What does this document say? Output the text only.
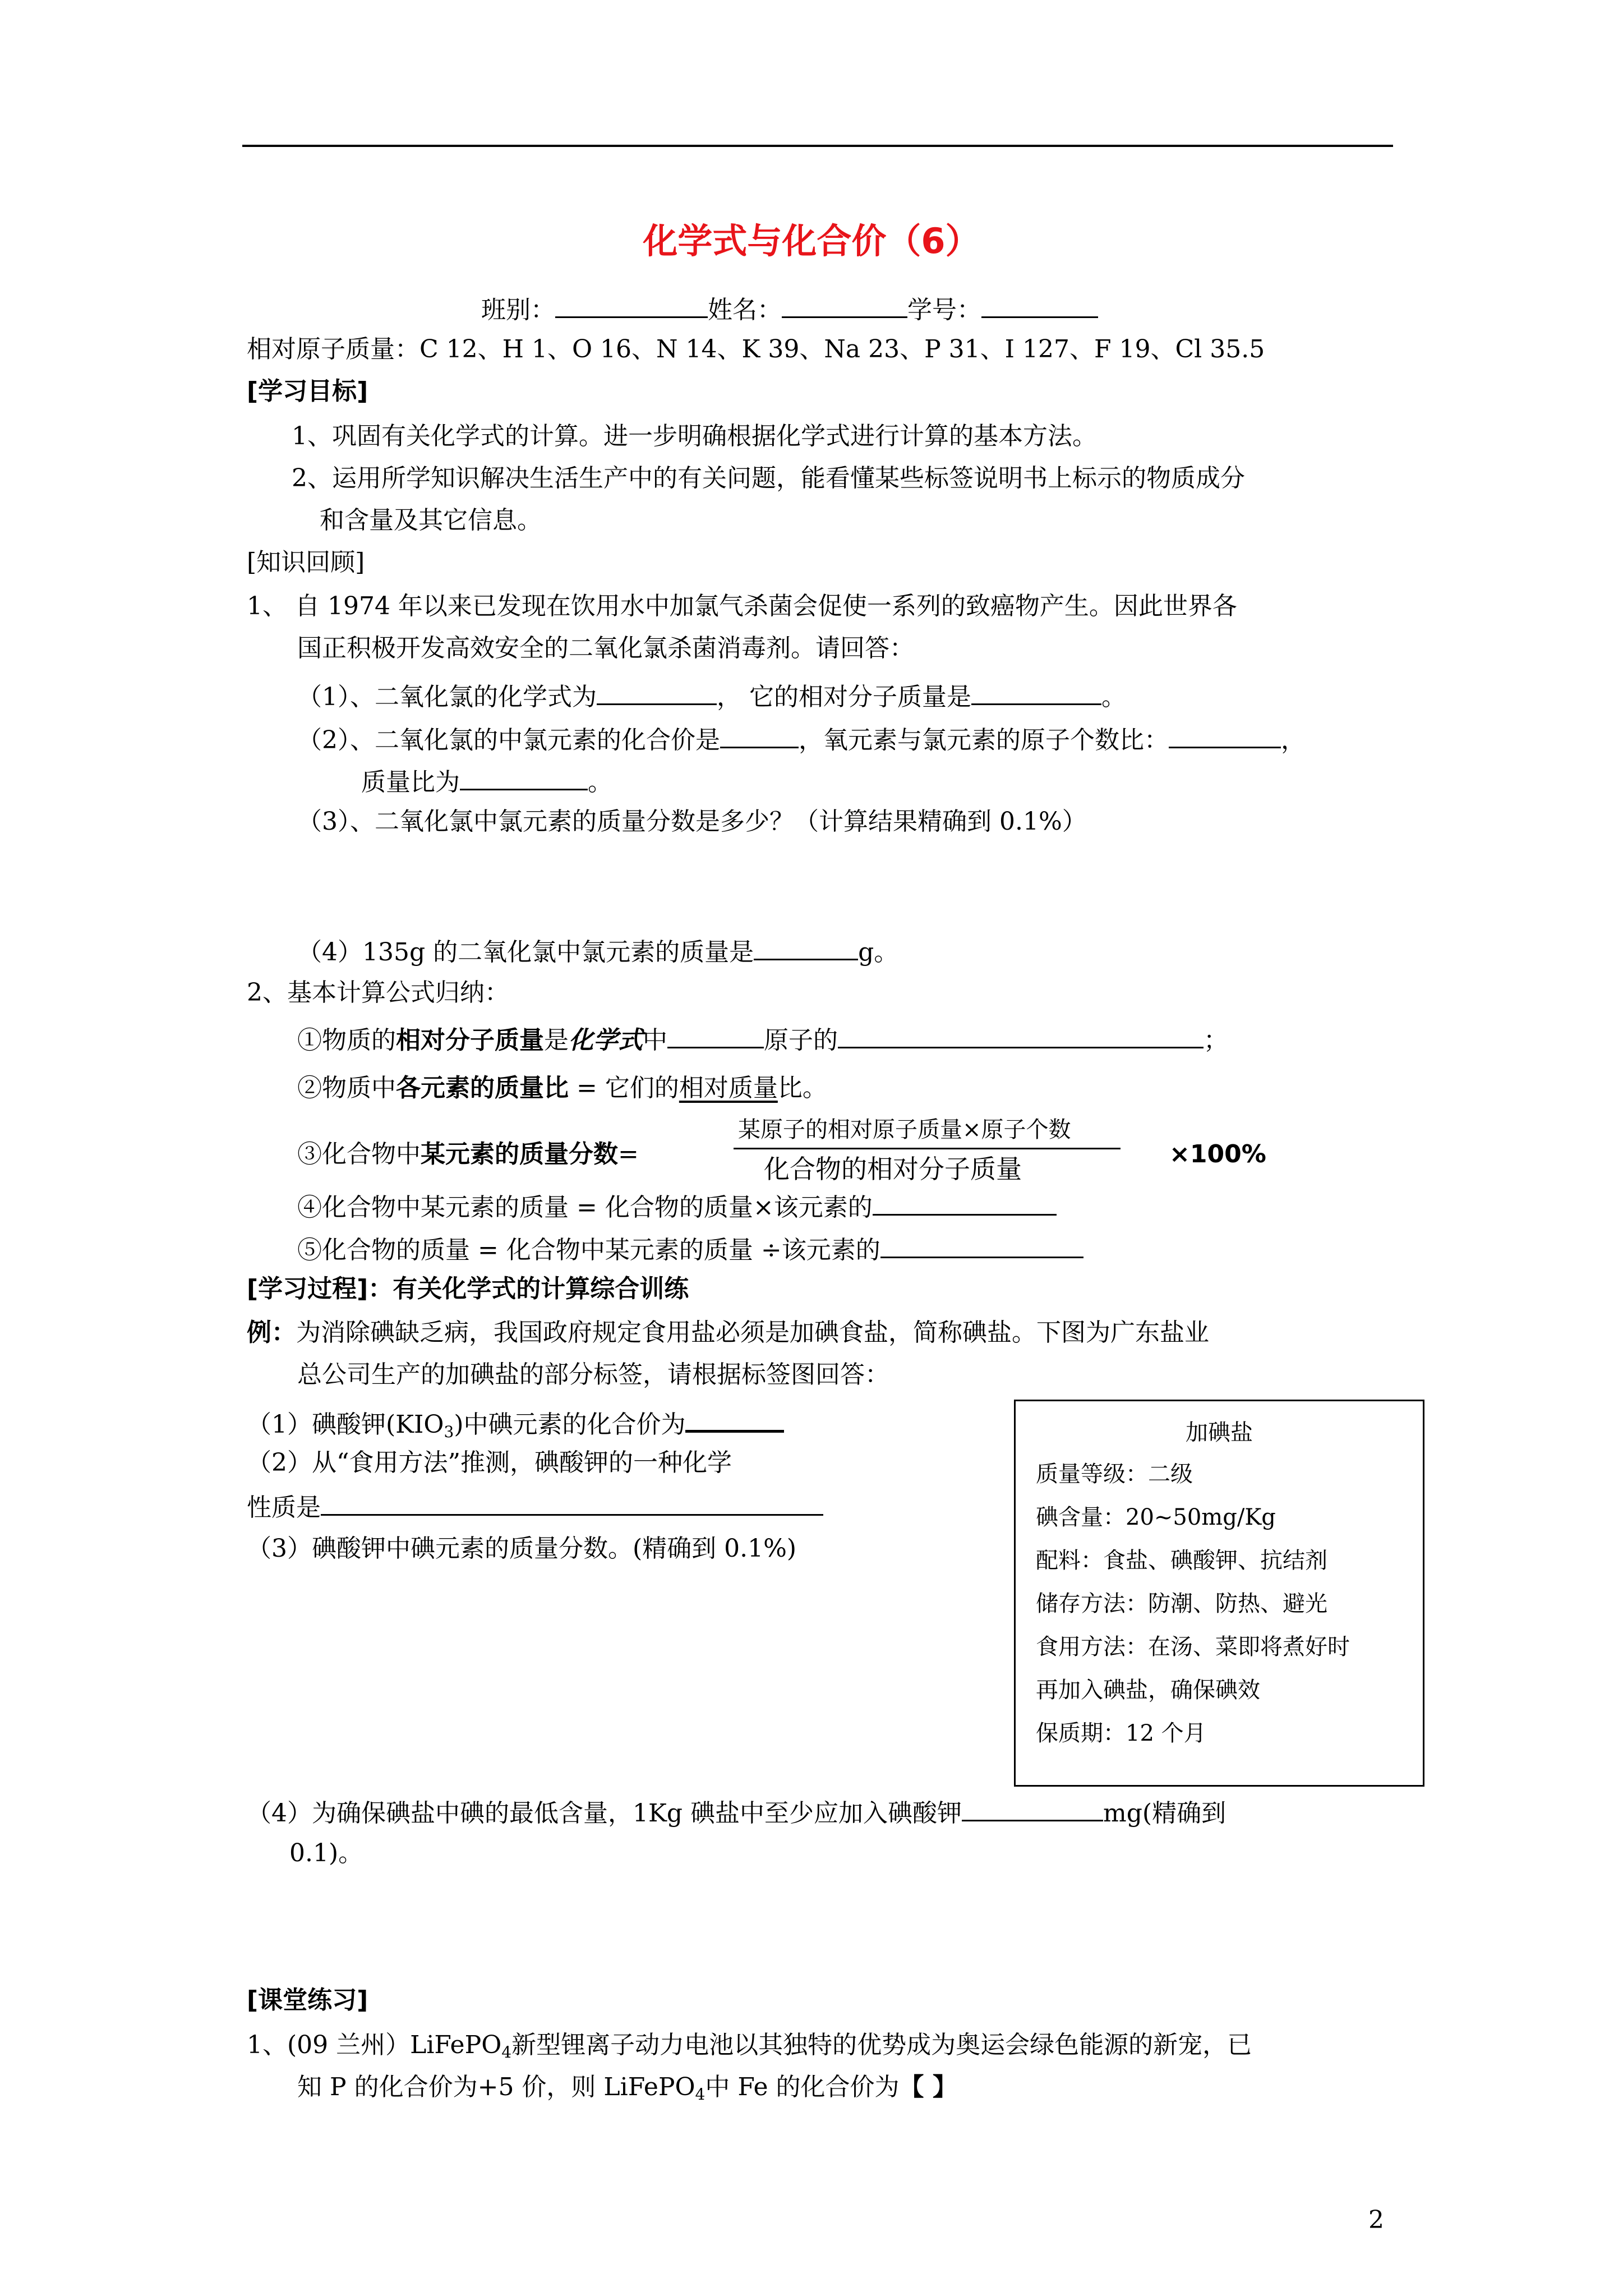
化学式与化合价（6）
班别：	姓名：	学号：
相对原子质量：C 12、H 1、O 16、N 14、K 39、Na 23、P 31、I 127、F 19、Cl 35.5
[学习目标]
1、巩固有关化学式的计算。进一步明确根据化学式进行计算的基本方法。
2、运用所学知识解决生活生产中的有关问题，能看懂某些标签说明书上标示的物质成分
和含量及其它信息。
[知识回顾]
1、 自 1974 年以来已发现在饮用水中加氯气杀菌会促使一系列的致癌物产生。因此世界各
国正积极开发高效安全的二氧化氯杀菌消毒剂。请回答：
（1）、二氧化氯的化学式为	， 它的相对分子质量是	。
（2）、二氧化氯的中氯元素的化合价是	，氧元素与氯元素的原子个数比：	，
质量比为	。
（3）、二氧化氯中氯元素的质量分数是多少？（计算结果精确到 0.1%）
（4）135g 的二氧化氯中氯元素的质量是	g。
2、基本计算公式归纳：
①物质的相对分子质量是化学式中	原子的	；
②物质中各元素的质量比 = 它们的相对质量比。
③化合物中某元素的质量分数=
某原子的相对原子质量×原子个数
化合物的相对分子质量	×100%
④化合物中某元素的质量 = 化合物的质量×该元素的
⑤化合物的质量 = 化合物中某元素的质量 ÷该元素的
[学习过程]：有关化学式的计算综合训练
例：为消除碘缺乏病，我国政府规定食用盐必须是加碘食盐，简称碘盐。下图为广东盐业
总公司生产的加碘盐的部分标签，请根据标签图回答：
（1）碘酸钾$(KIO_3)$中碘元素的化合价为
（2）从“食用方法”推测，碘酸钾的一种化学
性质是
（3）碘酸钾中碘元素的质量分数。(精确到 0.1%)
加碘盐
质量等级：二级
碘含量：20~50mg/Kg
配料：食盐、碘酸钾、抗结剂
储存方法：防潮、防热、避光
食用方法：在汤、菜即将煮好时
再加入碘盐，确保碘效
保质期：12 个月
（4）为确保碘盐中碘的最低含量，1Kg 碘盐中至少应加入碘酸钾	mg(精确到
0.1)。
[课堂练习]
1、(09 兰州）LiFePO$_4$新型锂离子动力电池以其独特的优势成为奥运会绿色能源的新宠，已
知 P 的化合价为+5 价，则 LiFePO$_4$中 Fe 的化合价为【 】
2
